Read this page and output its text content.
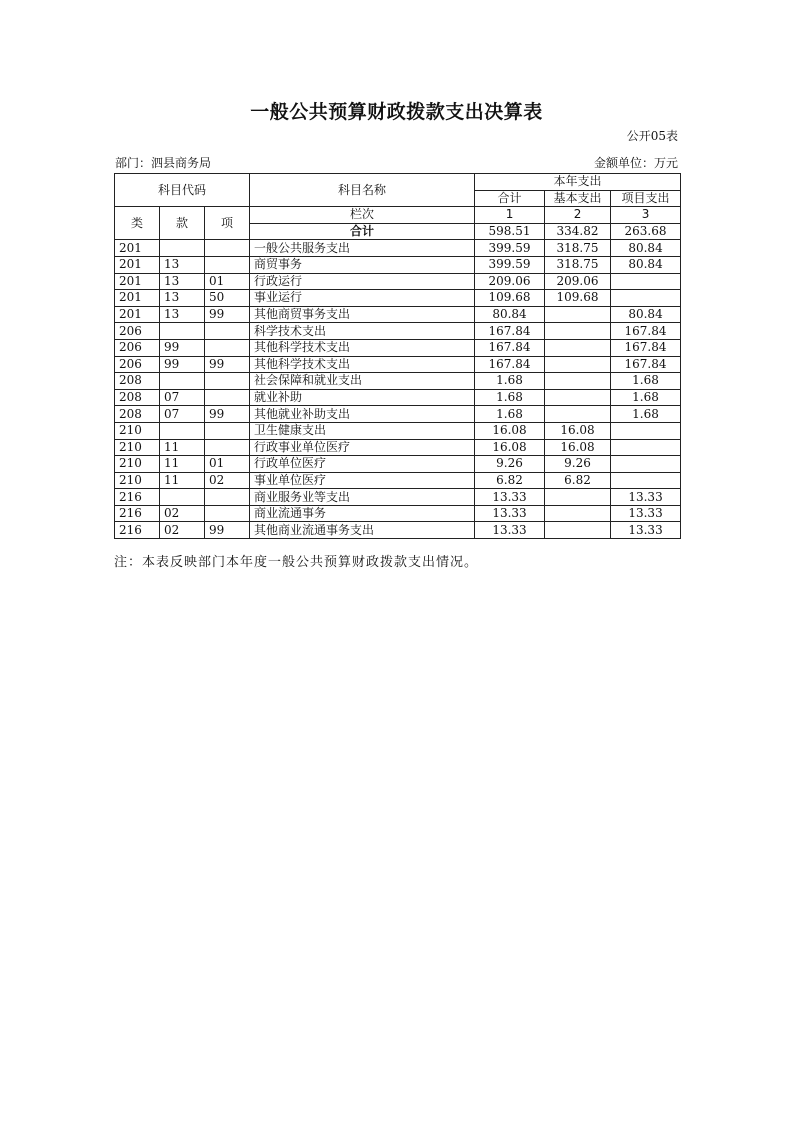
一般公共预算财政拨款支出决算表
公开05表
部门：泗县商务局	金额单位：万元
科目代码			科目名称	本年支出		
				合计	基本支出	项目支出
类	款	项	栏次	1	2	3
			合计	598.51	334.82	263.68
201			一般公共服务支出	399.59	318.75	80.84
201	13		商贸事务	399.59	318.75	80.84
201	13	01	行政运行	209.06	209.06	
201	13	50	事业运行	109.68	109.68	
201	13	99	其他商贸事务支出	80.84		80.84
206			科学技术支出	167.84		167.84
206	99		其他科学技术支出	167.84		167.84
206	99	99	其他科学技术支出	167.84		167.84
208			社会保障和就业支出	1.68		1.68
208	07		就业补助	1.68		1.68
208	07	99	其他就业补助支出	1.68		1.68
210			卫生健康支出	16.08	16.08	
210	11		行政事业单位医疗	16.08	16.08	
210	11	01	行政单位医疗	9.26	9.26	
210	11	02	事业单位医疗	6.82	6.82	
216			商业服务业等支出	13.33		13.33
216	02		商业流通事务	13.33		13.33
216	02	99	其他商业流通事务支出	13.33		13.33
注：本表反映部门本年度一般公共预算财政拨款支出情况。
